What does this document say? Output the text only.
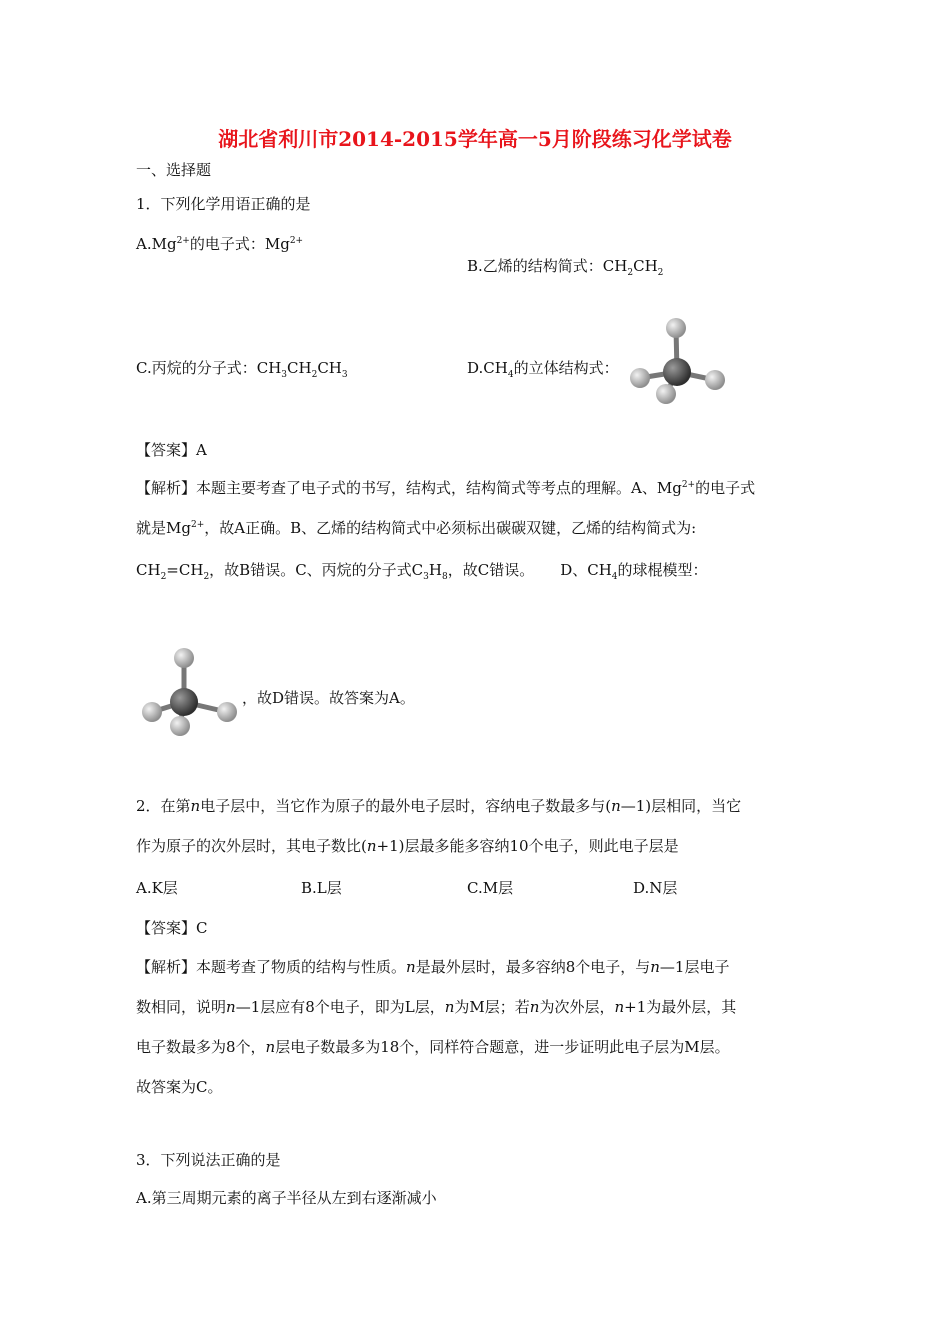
湖北省利川市2014-2015学年高一5月阶段练习化学试卷
一、选择题
1．下列化学用语正确的是
$A.Mg^{2+}$的电子式：$Mg^{2+}$
B.乙烯的结构简式：$CH_2CH_2$
C.丙烷的分子式：$CH_3CH_2CH_3$	$D.CH_4$的立体结构式：
【答案】A
【解析】本题主要考查了电子式的书写，结构式，结构简式等考点的理解。A、$Mg^{2+}$的电子式
就是$Mg^{2+}$，故A正确。B、乙烯的结构简式中必须标出碳碳双键，乙烯的结构简式为:
$CH_2=CH_2$，故B错误。C、丙烷的分子式$C_3H_8$，故C错误。 D、$CH_4$的球棍模型：
，故D错误。故答案为A。
2．在第n电子层中，当它作为原子的最外电子层时，容纳电子数最多与(n—1)层相同，当它
作为原子的次外层时，其电子数比(n+1)层最多能多容纳10个电子，则此电子层是
A.K层	B.L层	C.M层	D.N层
【答案】C
【解析】本题考查了物质的结构与性质。n是最外层时，最多容纳8个电子，与n—1层电子
数相同，说明n—1层应有8个电子，即为L层，n为M层；若n为次外层，n+1为最外层，其
电子数最多为8个，n层电子数最多为18个，同样符合题意，进一步证明此电子层为M层。
故答案为C。
3．下列说法正确的是
A.第三周期元素的离子半径从左到右逐渐减小
